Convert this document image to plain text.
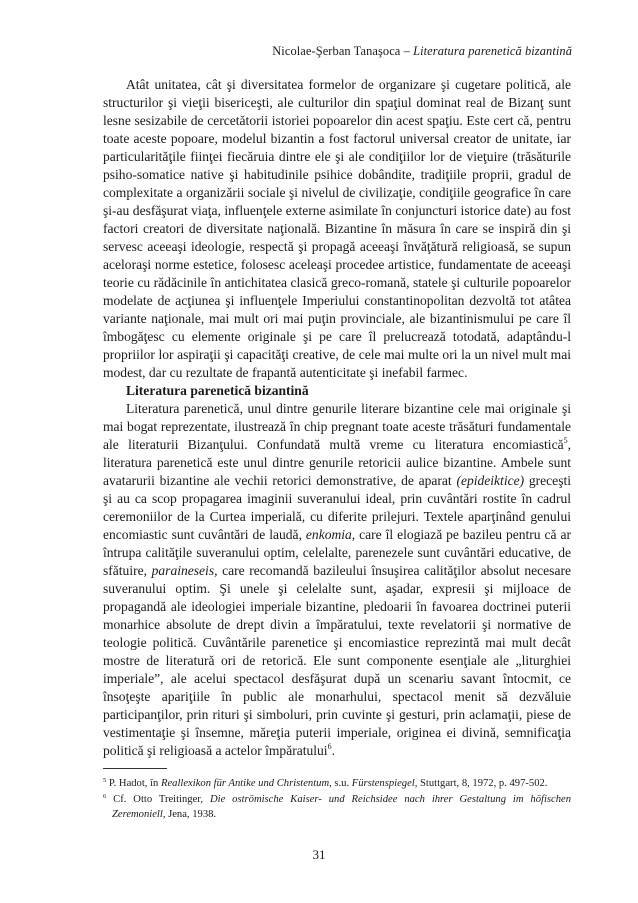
Nicolae-Şerban Tanaşoca – Literatura parenetică bizantină

Atât unitatea, cât şi diversitatea formelor de organizare şi cugetare politică, ale structurilor şi vieţii bisericeşti, ale culturilor din spaţiul dominat real de Bizanţ sunt lesne sesizabile de cercetătorii istoriei popoarelor din acest spaţiu. Este cert că, pentru toate aceste popoare, modelul bizantin a fost factorul universal creator de unitate, iar particularităţile fiinţei fiecăruia dintre ele şi ale condiţiilor lor de vieţuire (trăsăturile psiho-somatice native şi habitudinile psihice dobândite, tradiţiile proprii, gradul de complexitate a organizării sociale şi nivelul de civilizaţie, condiţiile geografice în care şi-au desfăşurat viaţa, influenţele externe asimilate în conjuncturi istorice date) au fost factori creatori de diversitate naţională. Bizantine în măsura în care se inspiră din şi servesc aceeaşi ideologie, respectă şi propagă aceeaşi învăţătură religioasă, se supun aceloraşi norme estetice, folosesc aceleaşi procedee artistice, fundamentate de aceeaşi teorie cu rădăcinile în antichitatea clasică greco-romană, statele şi culturile popoarelor modelate de acţiunea şi influenţele Imperiului constantinopolitan dezvoltă tot atâtea variante naţionale, mai mult ori mai puţin provinciale, ale bizantinismului pe care îl îmbogăţesc cu elemente originale şi pe care îl prelucrează totodată, adaptându-l propriilor lor aspiraţii şi capacităţi creative, de cele mai multe ori la un nivel mult mai modest, dar cu rezultate de frapantă autenticitate şi inefabil farmec.

Literatura parenetică bizantină

Literatura parenetică, unul dintre genurile literare bizantine cele mai originale şi mai bogat reprezentate, ilustrează în chip pregnant toate aceste trăsături fundamentale ale literaturii Bizanţului. Confundată multă vreme cu literatura encomiastică$^5$, literatura parenetică este unul dintre genurile retoricii aulice bizantine. Ambele sunt avatarurii bizantine ale vechii retorici demonstrative, de aparat (epideiktice) greceşti şi au ca scop propagarea imaginii suveranului ideal, prin cuvântări rostite în cadrul ceremoniilor de la Curtea imperială, cu diferite prilejuri. Textele aparţinând genului encomiastic sunt cuvântări de laudă, enkomia, care îl elogiază pe bazileu pentru că ar întrupa calităţile suveranului optim, celelalte, parenezele sunt cuvântări educative, de sfătuire, paraineseis, care recomandă bazileului însuşirea calităţilor absolut necesare suveranului optim. Şi unele şi celelalte sunt, aşadar, expresii şi mijloace de propagandă ale ideologiei imperiale bizantine, pledoarii în favoarea doctrinei puterii monarhice absolute de drept divin a împăratului, texte revelatorii şi normative de teologie politică. Cuvântările parenetice şi encomiastice reprezintă mai mult decât mostre de literatură ori de retorică. Ele sunt componente esenţiale ale „liturghiei imperiale”, ale acelui spectacol desfăşurat după un scenariu savant întocmit, ce însoţeşte apariţiile în public ale monarhului, spectacol menit să dezvăluie participanţilor, prin rituri şi simboluri, prin cuvinte şi gesturi, prin aclamaţii, piese de vestimentaţie şi însemne, măreţia puterii imperiale, originea ei divină, semnificaţia politică şi religioasă a actelor împăratului$^6$.

$^5$ P. Hadot, în Reallexikon für Antike und Christentum, s.u. Fürstenspiegel, Stuttgart, 8, 1972, p. 497-502.

$^6$ Cf. Otto Treitinger, Die oströmische Kaiser- und Reichsidee nach ihrer Gestaltung im höfischen Zeremoniell, Jena, 1938.

31
